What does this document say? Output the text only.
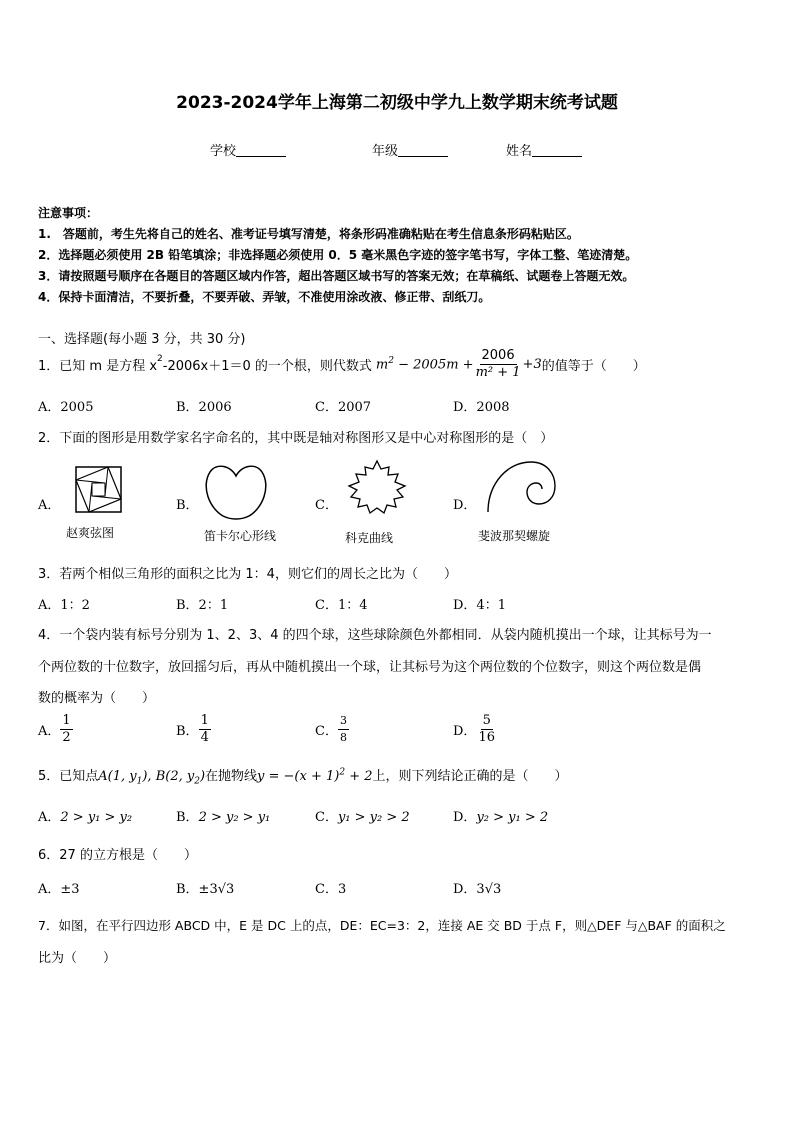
2023-2024学年上海第二初级中学九上数学期末统考试题
学校	年级	姓名
注意事项：
1.　答题前，考生先将自己的姓名、准考证号填写清楚，将条形码准确粘贴在考生信息条形码粘贴区。
2．选择题必须使用 2B 铅笔填涂；非选择题必须使用 0．5 毫米黑色字迹的签字笔书写，字体工整、笔迹清楚。
3．请按照题号顺序在各题目的答题区域内作答，超出答题区域书写的答案无效；在草稿纸、试题卷上答题无效。
4．保持卡面清洁，不要折叠，不要弄破、弄皱，不准使用涂改液、修正带、刮纸刀。
一、选择题(每小题 3 分，共 30 分)
1．已知 m 是方程 $x^2$ -2006x＋1＝0 的一个根，则代数式 $m^2 - 2005m + \frac{2006}{\text{m² + 1}} +3$ 的值等于（　　）
A．2005	B．2006	C．2007	D．2008
2．下面的图形是用数学家名字命名的，其中既是轴对称图形又是中心对称图形的是（　）
A．
赵爽弦图
B．
笛卡尔心形线
C．
科克曲线
D．
斐波那契螺旋
3．若两个相似三角形的面积之比为 1：4，则它们的周长之比为（　　）
A．1：2	B．2：1	C．1：4	D．4：1
4．一个袋内装有标号分别为 1、2、3、4 的四个球，这些球除颜色外都相同．从袋内随机摸出一个球，让其标号为一
个两位数的十位数字，放回摇匀后，再从中随机摸出一个球，让其标号为这个两位数的个位数字，则这个两位数是偶
数的概率为（　　）
A． $\frac{1}{2}$	B． $\frac{1}{4}$	C． $\frac{3}{8}$	D． $\frac{5}{16}$
5．已知点A(1, $y_1$), B(2, $y_2$)在抛物线$y = -(x + 1)^2 + 2$上，则下列结论正确的是（　　）
A．2 > y₁ > y₂	B．2 > y₂ > y₁	C．y₁ > y₂ > 2	D．y₂ > y₁ > 2
6．27 的立方根是（　　）
A．±3	B．±3√3	C．3	D．3√3
7．如图，在平行四边形 ABCD 中，E 是 DC 上的点，DE：EC=3：2，连接 AE 交 BD 于点 F，则△DEF 与△BAF 的面积之
比为（　　）
